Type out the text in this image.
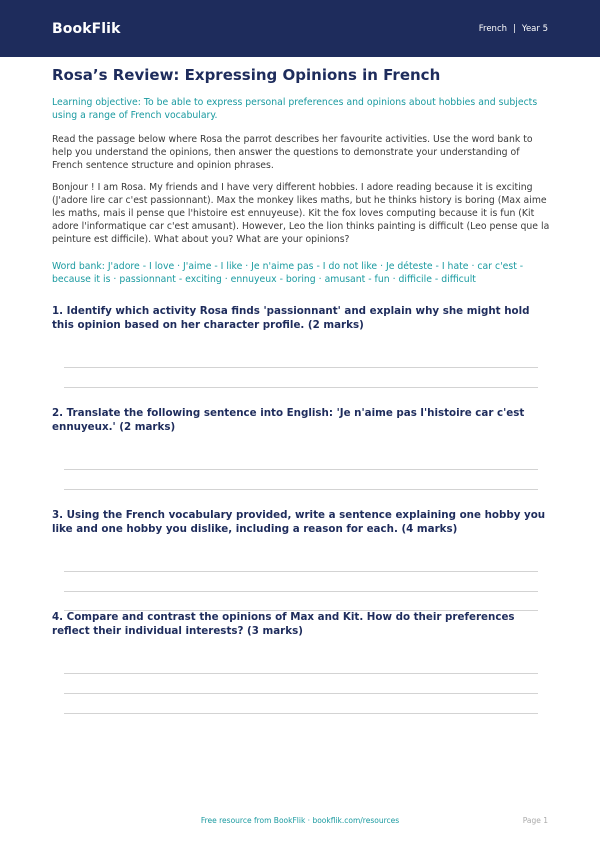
BookFlik	French | Year 5
Rosa’s Review: Expressing Opinions in French

Learning objective: To be able to express personal preferences and opinions about hobbies and subjects using a range of French vocabulary.

Read the passage below where Rosa the parrot describes her favourite activities. Use the word bank to help you understand the opinions, then answer the questions to demonstrate your understanding of French sentence structure and opinion phrases.

Bonjour ! I am Rosa. My friends and I have very different hobbies. I adore reading because it is exciting (J'adore lire car c'est passionnant). Max the monkey likes maths, but he thinks history is boring (Max aime les maths, mais il pense que l'histoire est ennuyeuse). Kit the fox loves computing because it is fun (Kit adore l'informatique car c'est amusant). However, Leo the lion thinks painting is difficult (Leo pense que la peinture est difficile). What about you? What are your opinions?

Word bank: J'adore - I love · J'aime - I like · Je n'aime pas - I do not like · Je déteste - I hate · car c'est - because it is · passionnant - exciting · ennuyeux - boring · amusant - fun · difficile - difficult

1. Identify which activity Rosa finds 'passionnant' and explain why she might hold this opinion based on her character profile. (2 marks)

2. Translate the following sentence into English: 'Je n'aime pas l'histoire car c'est ennuyeux.' (2 marks)

3. Using the French vocabulary provided, write a sentence explaining one hobby you like and one hobby you dislike, including a reason for each. (4 marks)

4. Compare and contrast the opinions of Max and Kit. How do their preferences reflect their individual interests? (3 marks)

Free resource from BookFlik · bookflik.com/resources	Page 1
